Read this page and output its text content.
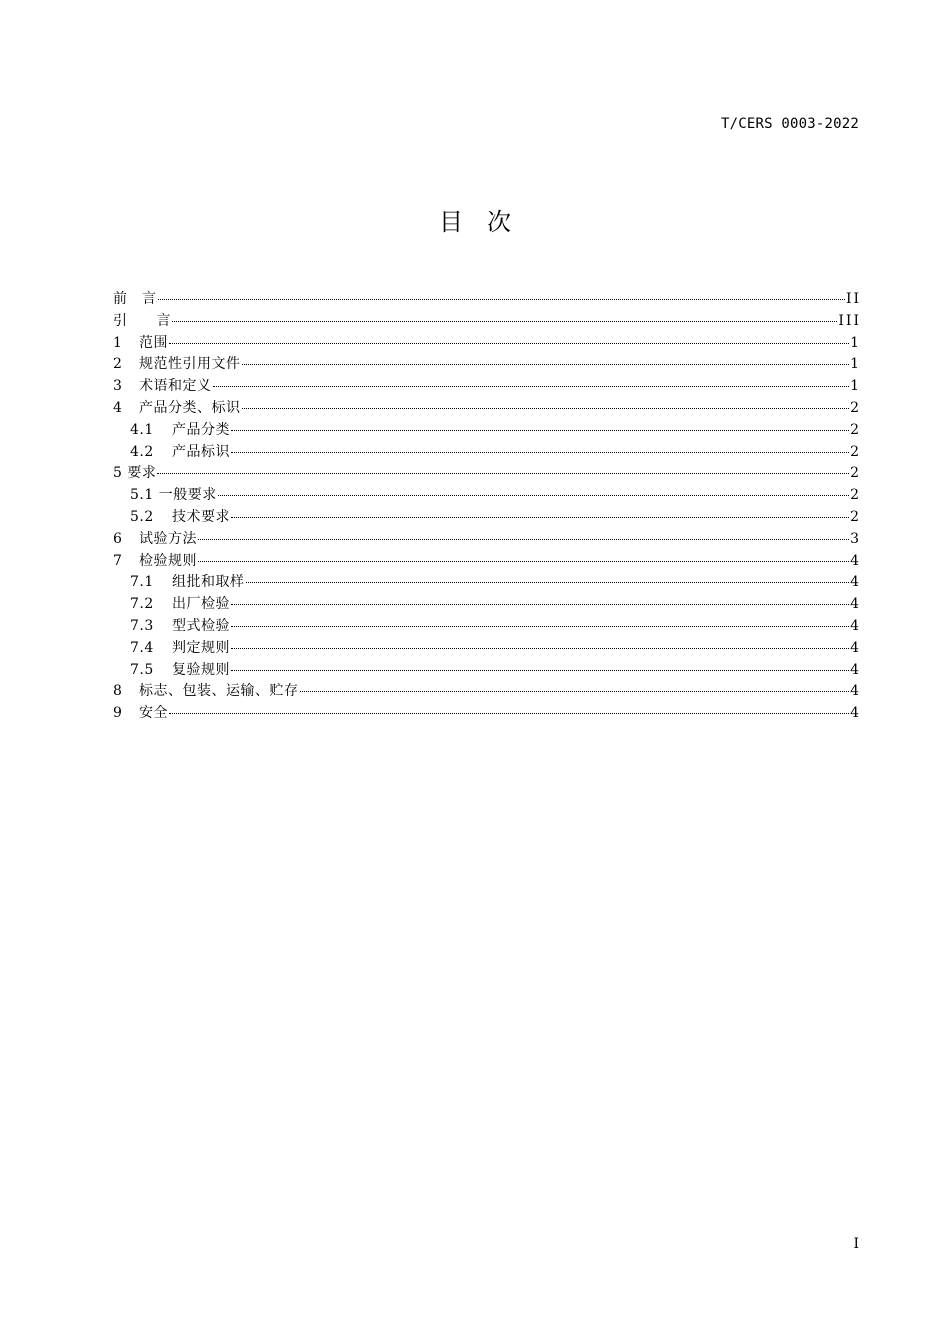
T/CERS 0003-2022
目次
前　言	II
引　　言	III
1	范围	1
2	规范性引用文件	1
3	术语和定义	1
4	产品分类、标识	2
4.1	产品分类	2
4.2	产品标识	2
5 要求	2
5.1 一般要求	2
5.2	技术要求	2
6	试验方法	3
7	检验规则	4
7.1	组批和取样	4
7.2	出厂检验	4
7.3	型式检验	4
7.4	判定规则	4
7.5	复验规则	4
8	标志、包装、运输、贮存	4
9	安全	4
I
